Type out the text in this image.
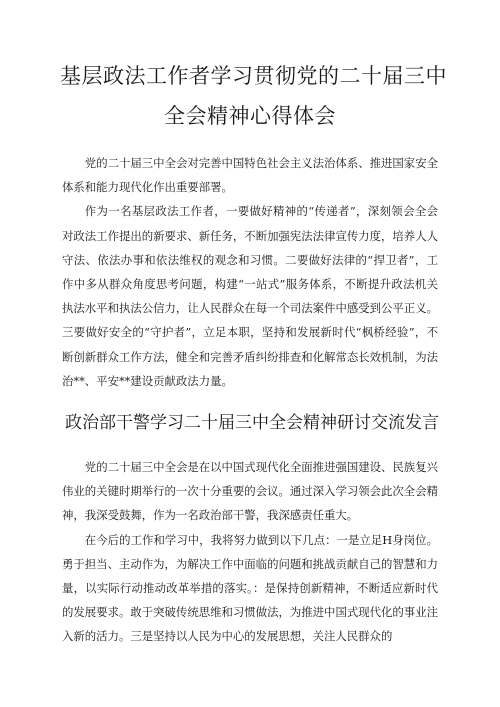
基层政法工作者学习贯彻党的二十届三中
全会精神心得体会

党的二十届三中全会对完善中国特色社会主义法治体系、推进国家安全体系和能力现代化作出重要部署。

作为一名基层政法工作者，一要做好精神的“传递者”，深刻领会全会对政法工作提出的新要求、新任务，不断加强宪法法律宣传力度，培养人人守法、依法办事和依法维权的观念和习惯。二要做好法律的“捍卫者”，工作中多从群众角度思考问题，构建“一站式”服务体系，不断提升政法机关执法水平和执法公信力，让人民群众在每一个司法案件中感受到公平正义。三要做好安全的“守护者”，立足本职，坚持和发展新时代“枫桥经验”，不断创新群众工作方法，健全和完善矛盾纠纷排查和化解常态长效机制，为法治**、平安**建设贡献政法力量。

政治部干警学习二十届三中全会精神研讨交流发言

党的二十届三中全会是在以中国式现代化全面推进强国建设、民族复兴伟业的关键时期举行的一次十分重要的会议。通过深入学习领会此次全会精神，我深受鼓舞，作为一名政治部干警，我深感责任重大。

在今后的工作和学习中，我将努力做到以下几点：一是立足H身岗位。勇于担当、主动作为，为解决工作中面临的问题和挑战贡献自己的智慧和力量，以实际行动推动改革举措的落实。：是保持创新精神，不断适应新时代的发展要求。敢于突破传统思维和习惯做法，为推进中国式现代化的事业注入新的活力。三是坚持以人民为中心的发展思想，关注人民群众的
